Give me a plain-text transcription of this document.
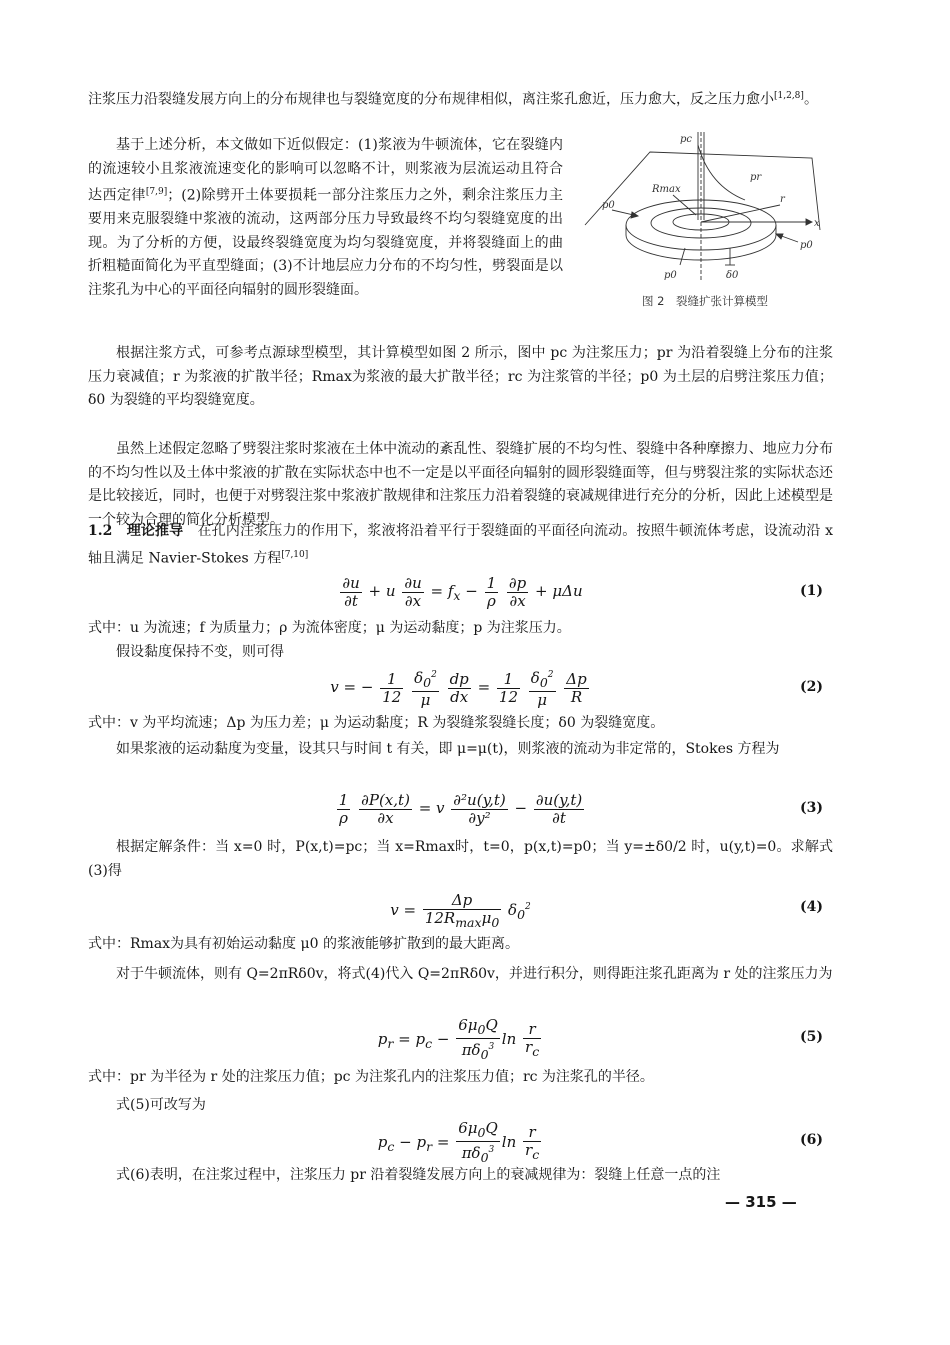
注浆压力沿裂缝发展方向上的分布规律也与裂缝宽度的分布规律相似，离注浆孔愈近，压力愈大，反之压力愈小[1,2,8]。

基于上述分析，本文做如下近似假定：(1)浆液为牛顿流体，它在裂缝内的流速较小且浆液流速变化的影响可以忽略不计，则浆液为层流运动且符合达西定律[7,9]；(2)除劈开土体要损耗一部分注浆压力之外，剩余注浆压力主要用来克服裂缝中浆液的流动，这两部分压力导致最终不均匀裂缝宽度的出现。为了分析的方便，设最终裂缝宽度为均匀裂缝宽度，并将裂缝面上的曲折粗糙面简化为平直型缝面；(3)不计地层应力分布的不均匀性，劈裂面是以注浆孔为中心的平面径向辐射的圆形裂缝面。

pc
Rmax
pr
r
p0
p0
p0
x
δ0
图 2　裂缝扩张计算模型

根据注浆方式，可参考点源球型模型，其计算模型如图 2 所示，图中 pc 为注浆压力；pr 为沿着裂缝上分布的注浆压力衰减值；r 为浆液的扩散半径；Rmax为浆液的最大扩散半径；rc 为注浆管的半径；p0 为土层的启劈注浆压力值；δ0 为裂缝的平均裂缝宽度。

虽然上述假定忽略了劈裂注浆时浆液在土体中流动的紊乱性、裂缝扩展的不均匀性、裂缝中各种摩擦力、地应力分布的不均匀性以及土体中浆液的扩散在实际状态中也不一定是以平面径向辐射的圆形裂缝面等，但与劈裂注浆的实际状态还是比较接近，同时，也便于对劈裂注浆中浆液扩散规律和注浆压力沿着裂缝的衰减规律进行充分的分析，因此上述模型是一个较为合理的简化分析模型。

1.2　 理论推导　 在孔内注浆压力的作用下，浆液将沿着平行于裂缝面的平面径向流动。按照牛顿流体考虑，设流动沿 x 轴且满足 Navier-Stokes 方程[7,10]

$\frac{\partial u}{\partial t} + u \frac{\partial u}{\partial x} = f_x - \frac{1}{\rho}$
$\frac{\partial p}{\partial x} + \mu\Delta u$	(1)

式中：u 为流速；f 为质量力；ρ 为流体密度；μ 为运动黏度；p 为注浆压力。

假设黏度保持不变，则可得

v = − $\frac{1}{12}$
$\frac{\delta_0^2}{\mu}$
$\frac{dp}{dx} = \frac{1}{12}$
$\frac{\delta_0^2}{\mu}$
$\frac{\Delta p}{R}$	(2)

式中：v 为平均流速；Δp 为压力差；μ 为运动黏度；R 为裂缝浆裂缝长度；δ0 为裂缝宽度。

如果浆液的运动黏度为变量，设其只与时间 t 有关，即 μ=μ(t)，则浆液的流动为非定常的，Stokes 方程为

$\frac{1}{\rho}$
$\frac{\partial P(x,t)}{\partial x} = v \frac{\text{∂²u(y,t)}}{\text{∂y²}} - \frac{\partial u(y,t)}{\partial t}$	(3)

根据定解条件：当 x=0 时，P(x,t)=pc；当 x=Rmax时，t=0，p(x,t)=p0；当 y=±δ0/2 时，u(y,t)=0。求解式(3)得

$v = \frac{\Delta p}{12R_{max}\mu_0} \delta_0^2$	(4)

式中：Rmax为具有初始运动黏度 μ0 的浆液能够扩散到的最大距离。

对于牛顿流体，则有 Q=2πRδ0v，将式(4)代入 Q=2πRδ0v，并进行积分，则得距注浆孔距离为 r 处的注浆压力为

$p_r = p_c - \frac{6\mu_0Q}{\pi\delta_0^3}$ $\ln \frac{r}{r_c}$	(5)

式中：pr 为半径为 r 处的注浆压力值；pc 为注浆孔内的注浆压力值；rc 为注浆孔的半径。

式(5)可改写为

$p_c - p_r = \frac{6\mu_0Q}{\pi\delta_0^3}$ $\ln \frac{r}{r_c}$	(6)

式(6)表明，在注浆过程中，注浆压力 pr 沿着裂缝发展方向上的衰减规律为：裂缝上任意一点的注

— 315 —
